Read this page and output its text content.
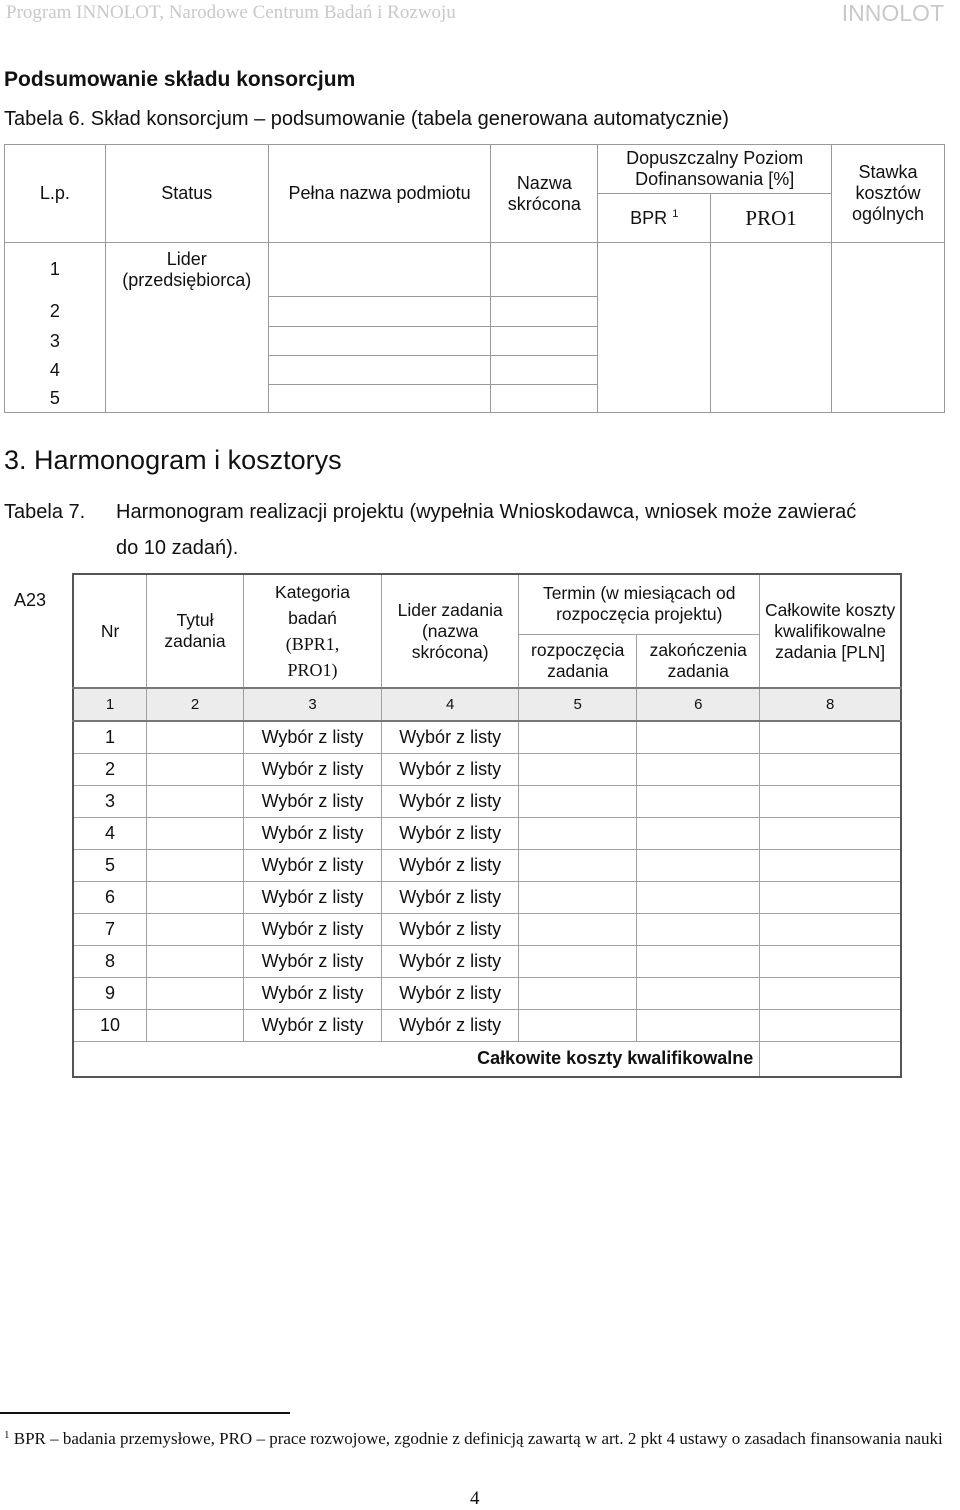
Program INNOLOT, Narodowe Centrum Badań i Rozwoju	INNOLOT
Podsumowanie składu konsorcjum
Tabela 6. Skład konsorcjum – podsumowanie (tabela generowana automatycznie)
L.p.	Status	Pełna nazwa podmiotu	Nazwa skrócona	Dopuszczalny Poziom Dofinansowania [%]		Stawka kosztów ogólnych
				BPR $^1$	PRO1	
1	Lider (przedsiębiorca)					
2						
3						
4						
5						
3. Harmonogram i kosztorys
Tabela 7. Harmonogram realizacji projektu (wypełnia Wnioskodawca, wniosek może zawierać
do 10 zadań).
A23
Nr	Tytuł zadania	Kategoria
badań
(BPR1,
PRO1)	Lider zadania (nazwa skrócona)	Termin (w miesiącach od rozpoczęcia projektu)		Całkowite koszty kwalifikowalne zadania [PLN]
				rozpoczęcia zadania	zakończenia zadania	
1	2	3	4	5	6	8
1		Wybór z listy	Wybór z listy			
2		Wybór z listy	Wybór z listy			
3		Wybór z listy	Wybór z listy			
4		Wybór z listy	Wybór z listy			
5		Wybór z listy	Wybór z listy			
6		Wybór z listy	Wybór z listy			
7		Wybór z listy	Wybór z listy			
8		Wybór z listy	Wybór z listy			
9		Wybór z listy	Wybór z listy			
10		Wybór z listy	Wybór z listy			
Całkowite koszty kwalifikowalne						
$^1$ BPR – badania przemysłowe, PRO – prace rozwojowe, zgodnie z definicją zawartą w art. 2 pkt 4 ustawy o zasadach finansowania nauki
4
